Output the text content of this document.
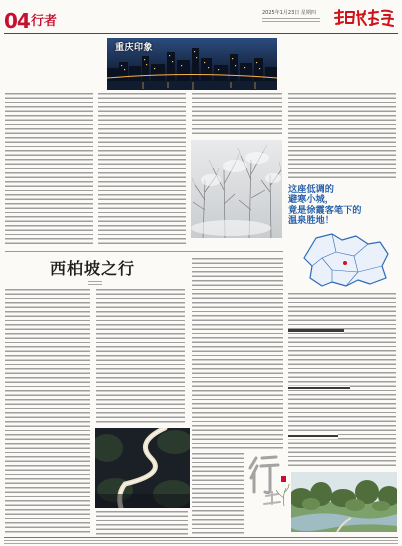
04 行者
2025年1月23日 星期四
重庆印象
这座低调的
避寒小城，
竟是徐霞客笔下的
温泉胜地！
西柏坡之行
